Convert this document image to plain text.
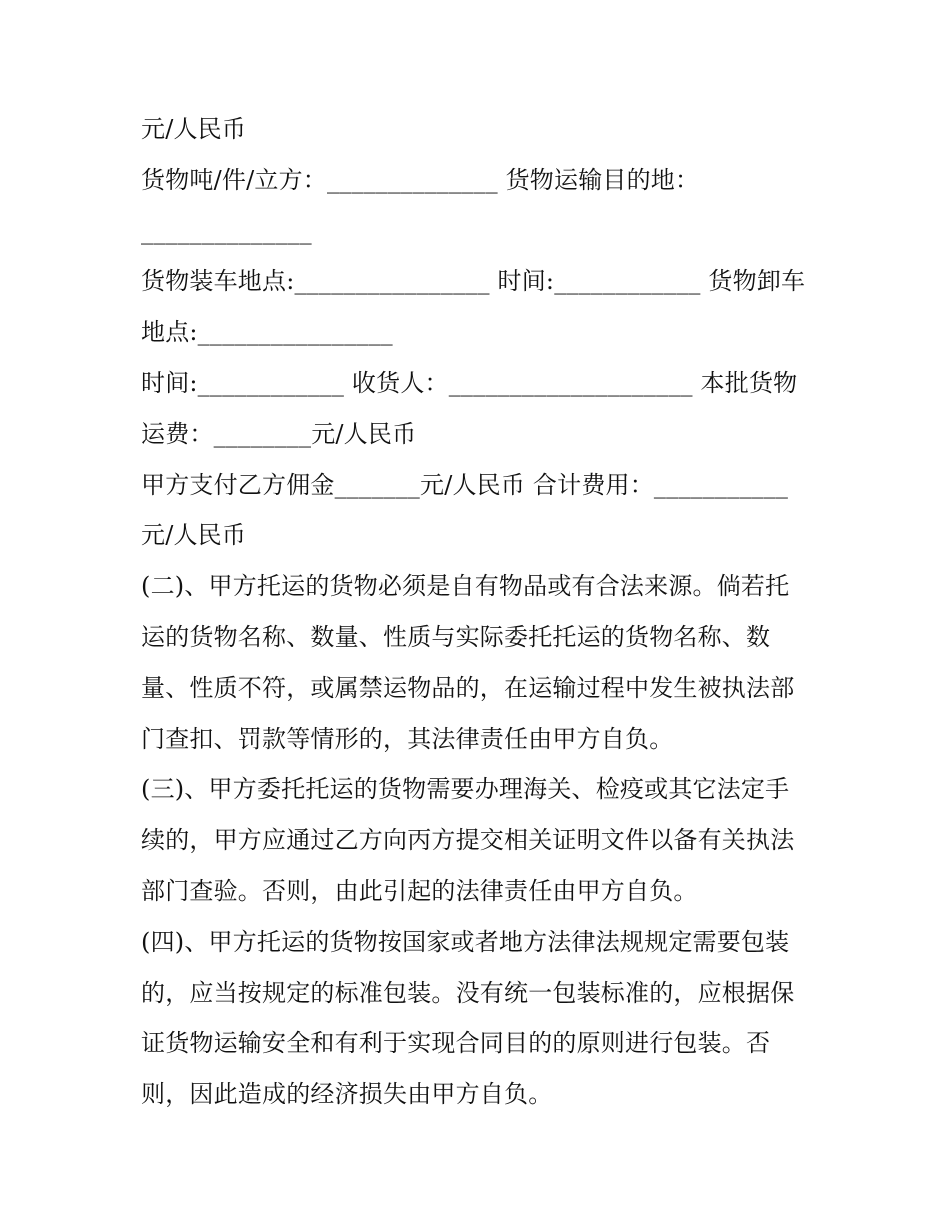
元/人民币
货物吨/件/立方：______________ 货物运输目的地：
______________
货物装车地点:________________ 时间:____________ 货物卸车
地点:________________
时间:____________ 收货人：____________________ 本批货物
运费：________元/人民币
甲方支付乙方佣金_______元/人民币 合计费用：___________
元/人民币
(二)、甲方托运的货物必须是自有物品或有合法来源。倘若托
运的货物名称、数量、性质与实际委托托运的货物名称、数
量、性质不符，或属禁运物品的，在运输过程中发生被执法部
门查扣、罚款等情形的，其法律责任由甲方自负。
(三)、甲方委托托运的货物需要办理海关、检疫或其它法定手
续的，甲方应通过乙方向丙方提交相关证明文件以备有关执法
部门查验。否则，由此引起的法律责任由甲方自负。
(四)、甲方托运的货物按国家或者地方法律法规规定需要包装
的，应当按规定的标准包装。没有统一包装标准的，应根据保
证货物运输安全和有利于实现合同目的的原则进行包装。否
则，因此造成的经济损失由甲方自负。
